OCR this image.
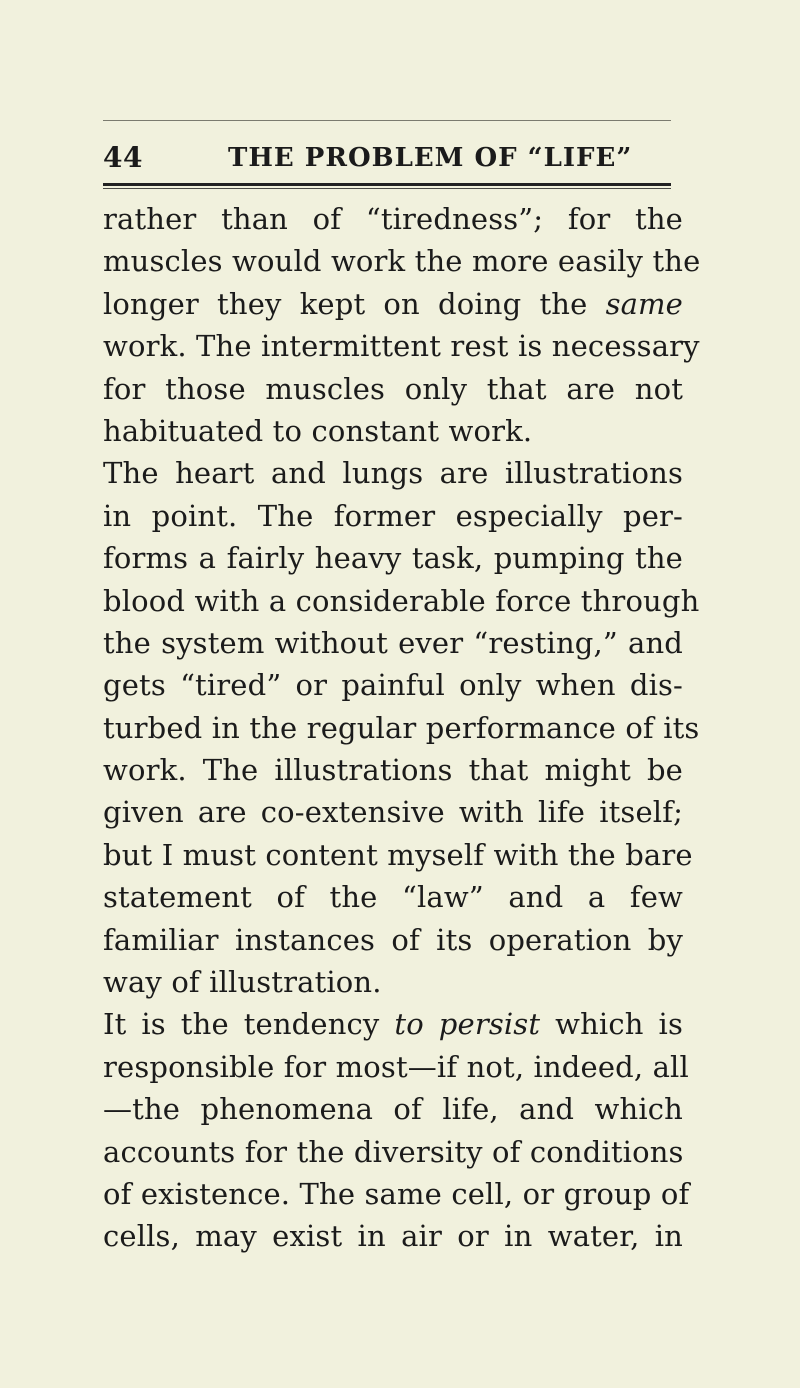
44	THE PROBLEM OF “LIFE”
rather than of “tiredness”; for the
muscles would work the more easily the
longer they kept on doing the same
work. The intermittent rest is necessary
for those muscles only that are not
habituated to constant work.
The heart and lungs are illustrations
in point. The former especially per-
forms a fairly heavy task, pumping the
blood with a considerable force through
the system without ever “resting,” and
gets “tired” or painful only when dis-
turbed in the regular performance of its
work. The illustrations that might be
given are co-extensive with life itself;
but I must content myself with the bare
statement of the “law” and a few
familiar instances of its operation by
way of illustration.
It is the tendency to persist which is
responsible for most—if not, indeed, all
—the phenomena of life, and which
accounts for the diversity of conditions
of existence. The same cell, or group of
cells, may exist in air or in water, in
